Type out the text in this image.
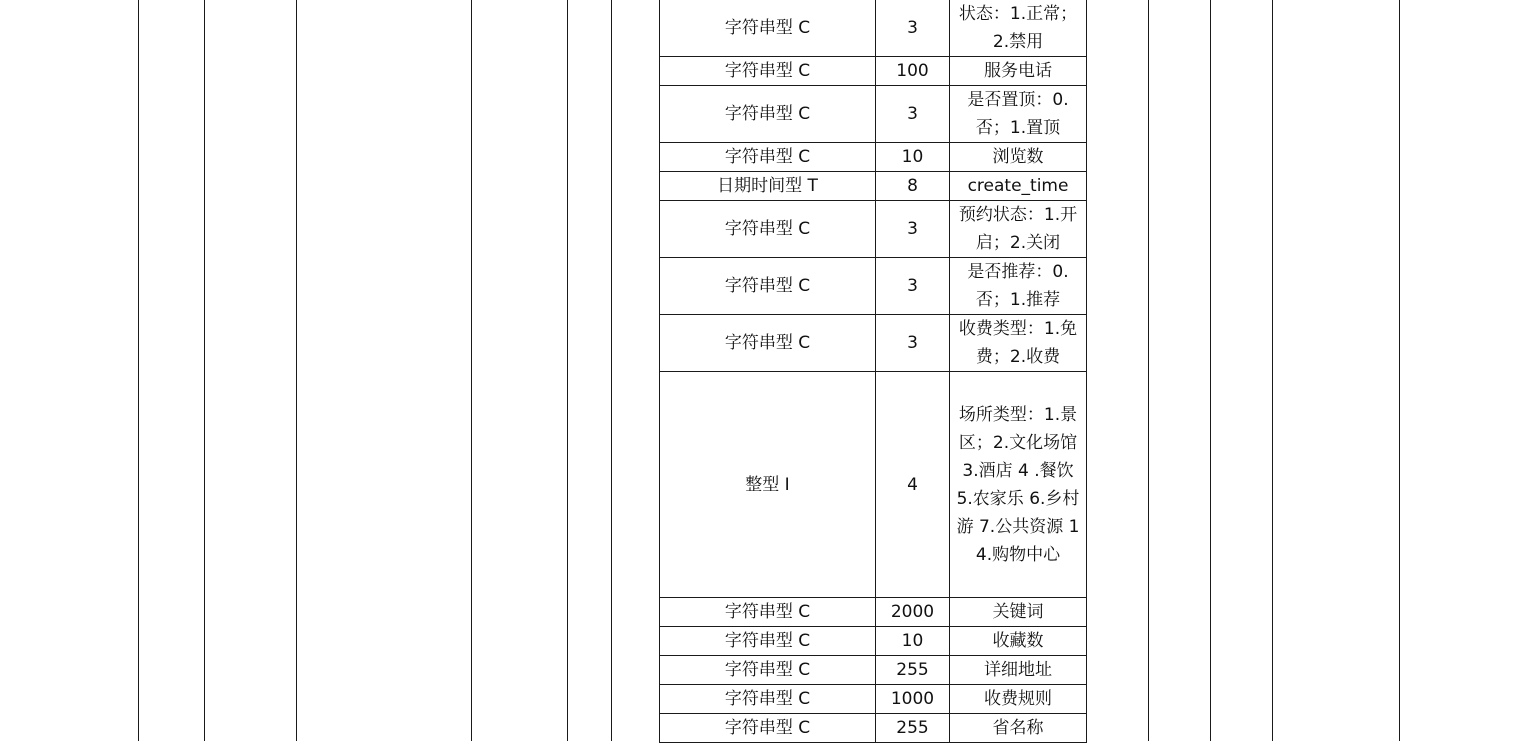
字符串型 C	3	状态：1.正常；2.禁用

字符串型 C	100	服务电话

字符串型 C	3	是否置顶：0.否；1.置顶

字符串型 C	10	浏览数

日期时间型 T	8	create_time

字符串型 C	3	预约状态：1.开启；2.关闭

字符串型 C	3	是否推荐：0.否；1.推荐

字符串型 C	3	收费类型：1.免费；2.收费

整型 I	4	场所类型：1.景区；2.文化场馆 3.酒店 4 .餐饮 5.农家乐 6.乡村游 7.公共资源 14.购物中心

字符串型 C	2000	关键词

字符串型 C	10	收藏数

字符串型 C	255	详细地址

字符串型 C	1000	收费规则

字符串型 C	255	省名称
